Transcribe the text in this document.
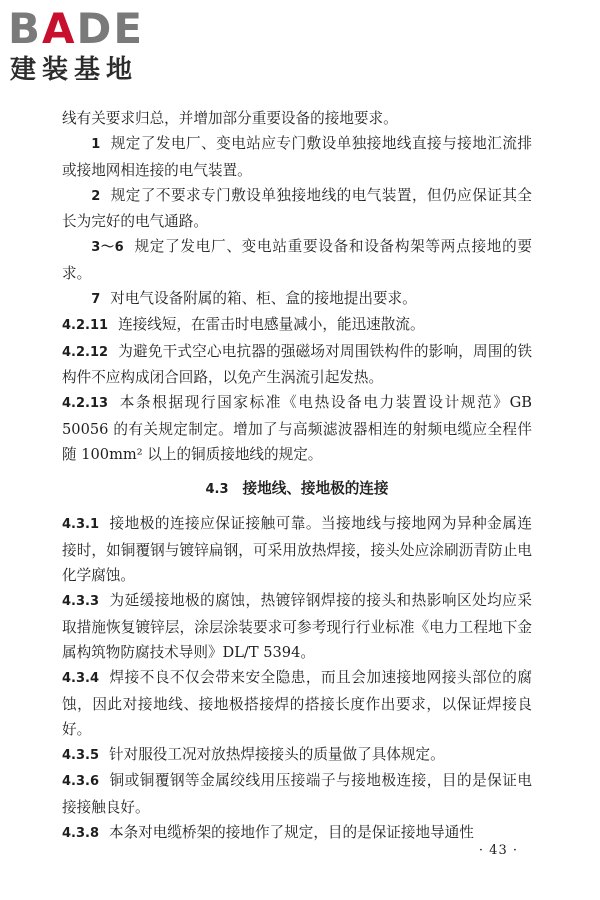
BADE
建装基地

线有关要求归总，并增加部分重要设备的接地要求。

1 规定了发电厂、变电站应专门敷设单独接地线直接与接地汇流排或接地网相连接的电气装置。

2 规定了不要求专门敷设单独接地线的电气装置，但仍应保证其全长为完好的电气通路。

3～6 规定了发电厂、变电站重要设备和设备构架等两点接地的要求。

7 对电气设备附属的箱、柜、盒的接地提出要求。

4.2.11 连接线短，在雷击时电感量减小，能迅速散流。

4.2.12 为避免干式空心电抗器的强磁场对周围铁构件的影响，周围的铁构件不应构成闭合回路，以免产生涡流引起发热。

4.2.13 本条根据现行国家标准《电热设备电力装置设计规范》GB 50056 的有关规定制定。增加了与高频滤波器相连的射频电缆应全程伴随 100mm² 以上的铜质接地线的规定。

4.3 接地线、接地极的连接

4.3.1 接地极的连接应保证接触可靠。当接地线与接地网为异种金属连接时，如铜覆钢与镀锌扁钢，可采用放热焊接，接头处应涂刷沥青防止电化学腐蚀。

4.3.3 为延缓接地极的腐蚀，热镀锌钢焊接的接头和热影响区处均应采取措施恢复镀锌层，涂层涂装要求可参考现行行业标准《电力工程地下金属构筑物防腐技术导则》DL/T 5394。

4.3.4 焊接不良不仅会带来安全隐患，而且会加速接地网接头部位的腐蚀，因此对接地线、接地极搭接焊的搭接长度作出要求，以保证焊接良好。

4.3.5 针对服役工况对放热焊接接头的质量做了具体规定。

4.3.6 铜或铜覆钢等金属绞线用压接端子与接地极连接，目的是保证电接接触良好。

4.3.8 本条对电缆桥架的接地作了规定，目的是保证接地导通性

· 43 ·
